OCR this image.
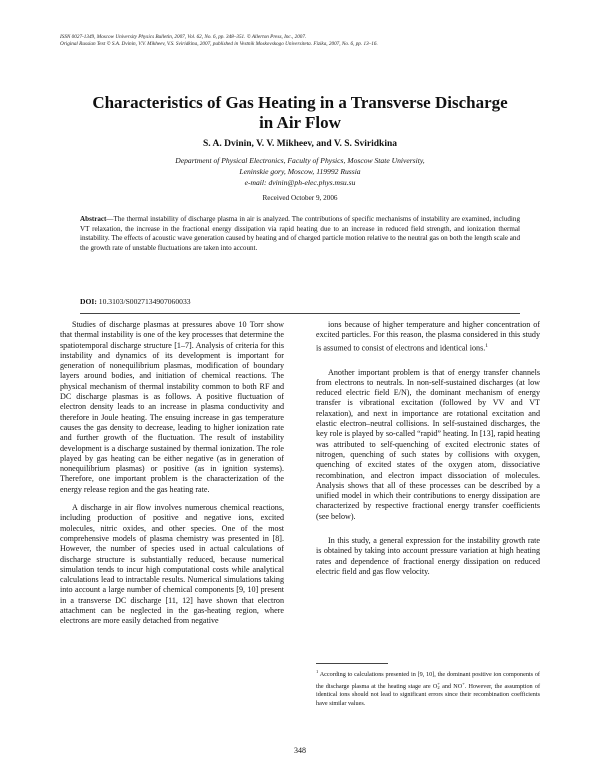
ISSN 0027-1349, Moscow University Physics Bulletin, 2007, Vol. 62, No. 6, pp. 348–351. © Allerton Press, Inc., 2007.
Original Russian Text © S.A. Dvinin, V.V. Mikheev, V.S. Sviridkina, 2007, published in Vestnik Moskovskogo Universiteta. Fizika, 2007, No. 6, pp. 13–16.
Characteristics of Gas Heating in a Transverse Discharge
in Air Flow
S. A. Dvinin, V. V. Mikheev, and V. S. Sviridkina
Department of Physical Electronics, Faculty of Physics, Moscow State University,
Leninskie gory, Moscow, 119992 Russia
e-mail: dvinin@ph-elec.phys.msu.su
Received October 9, 2006
Abstract—The thermal instability of discharge plasma in air is analyzed. The contributions of specific mechanisms of instability are examined, including VT relaxation, the increase in the fractional energy dissipation via rapid heating due to an increase in reduced field strength, and ionization thermal instability. The effects of acoustic wave generation caused by heating and of charged particle motion relative to the neutral gas on both the length scale and the growth rate of unstable fluctuations are taken into account.
DOI: 10.3103/S0027134907060033

Studies of discharge plasmas at pressures above 10 Torr show that thermal instability is one of the key processes that determine the spatiotemporal discharge structure [1–7]. Analysis of criteria for this instability and dynamics of its development is important for generation of nonequilibrium plasmas, modification of boundary layers around bodies, and initiation of chemical reactions. The physical mechanism of thermal instability common to both RF and DC discharge plasmas is as follows. A positive fluctuation of electron density leads to an increase in plasma conductivity and therefore in Joule heating. The ensuing increase in gas temperature causes the gas density to decrease, leading to higher ionization rate and further growth of the fluctuation. The result of instability development is a discharge sustained by thermal ionization. The role played by gas heating can be either negative (as in generation of nonequilibrium plasmas) or positive (as in ignition systems). Therefore, one important problem is the characterization of the energy release region and the gas heating rate.

A discharge in air flow involves numerous chemical reactions, including production of positive and negative ions, excited molecules, nitric oxides, and other species. One of the most comprehensive models of plasma chemistry was presented in [8]. However, the number of species used in actual calculations of discharge structure is substantially reduced, because numerical simulation tends to incur high computational costs while analytical calculations lead to intractable results. Numerical simulations taking into account a large number of chemical components [9, 10] present in a transverse DC discharge [11, 12] have shown that electron attachment can be neglected in the gas-heating region, where electrons are more easily detached from negative

ions because of higher temperature and higher concentration of excited particles. For this reason, the plasma considered in this study is assumed to consist of electrons and identical ions.$^1$

Another important problem is that of energy transfer channels from electrons to neutrals. In non-self-sustained discharges (at low reduced electric field E/N), the dominant mechanism of energy transfer is vibrational excitation (followed by VV and VT relaxation), and next in importance are rotational excitation and elastic electron–neutral collisions. In self-sustained discharges, the key role is played by so-called “rapid” heating. In [13], rapid heating was attributed to self-quenching of excited electronic states of nitrogen, quenching of such states by collisions with oxygen, quenching of excited states of the oxygen atom, dissociative recombination, and electron impact dissociation of molecules. Analysis shows that all of these processes can be described by a unified model in which their contributions to energy dissipation are characterized by respective fractional energy transfer coefficients (see below).

In this study, a general expression for the instability growth rate is obtained by taking into account pressure variation at high heating rates and dependence of fractional energy dissipation on reduced electric field and gas flow velocity.

$^1$ According to calculations presented in [9, 10], the dominant positive ion components of the discharge plasma at the heating stage are O+
2 and NO+. However, the assumption of identical ions should not lead to significant errors since their recombination coefficients have similar values.
348
